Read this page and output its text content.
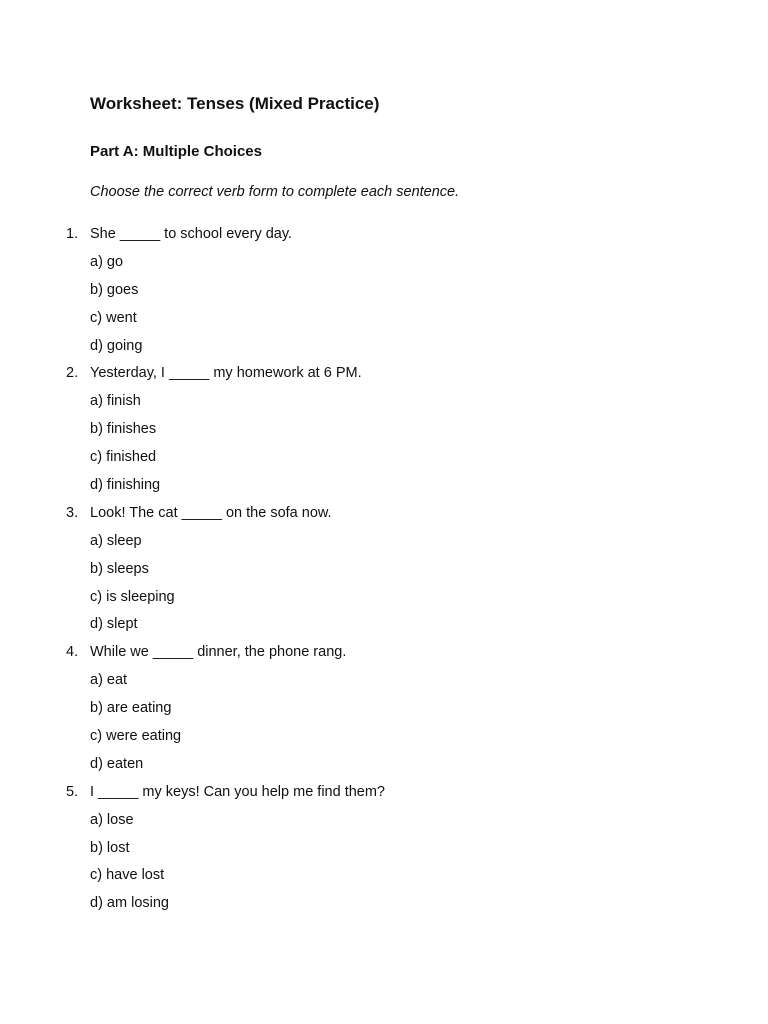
Worksheet: Tenses (Mixed Practice)
Part A: Multiple Choices

Choose the correct verb form to complete each sentence.

1. She _____ to school every day.
a) go
b) goes
c) went
d) going
2. Yesterday, I _____ my homework at 6 PM.
a) finish
b) finishes
c) finished
d) finishing
3. Look! The cat _____ on the sofa now.
a) sleep
b) sleeps
c) is sleeping
d) slept
4. While we _____ dinner, the phone rang.
a) eat
b) are eating
c) were eating
d) eaten
5. I _____ my keys! Can you help me find them?
a) lose
b) lost
c) have lost
d) am losing
